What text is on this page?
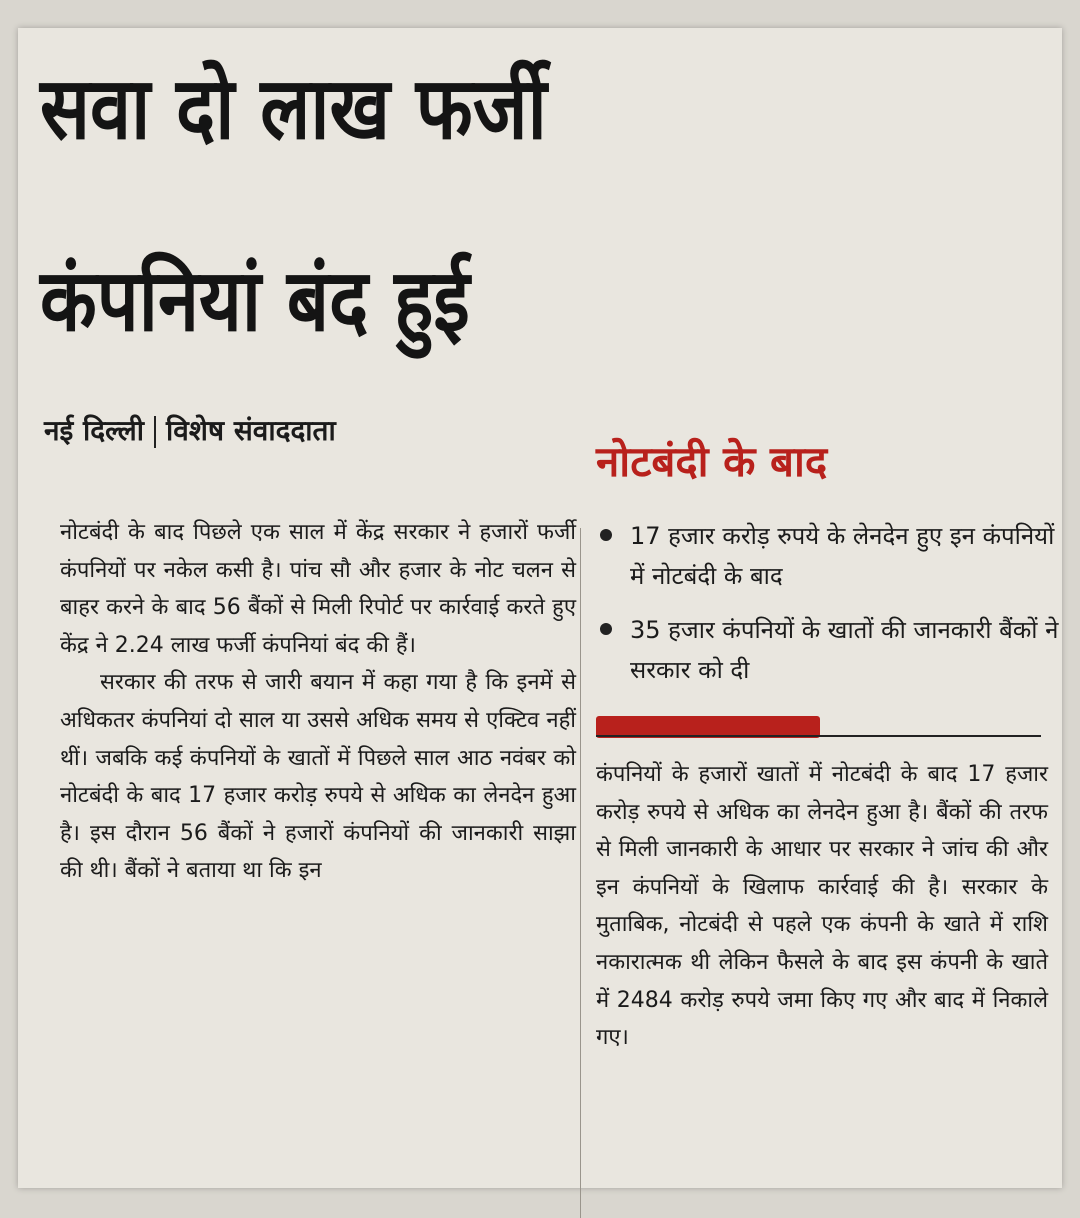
सवा दो लाख फर्जी
कंपनियां बंद हुई
नई दिल्ली विशेष संवाददाता

नोटबंदी के बाद पिछले एक साल में केंद्र सरकार ने हजारों फर्जी कंपनियों पर नकेल कसी है। पांच सौ और हजार के नोट चलन से बाहर करने के बाद 56 बैंकों से मिली रिपोर्ट पर कार्रवाई करते हुए केंद्र ने 2.24 लाख फर्जी कंपनियां बंद की हैं।

सरकार की तरफ से जारी बयान में कहा गया है कि इनमें से अधिकतर कंपनियां दो साल या उससे अधिक समय से एक्टिव नहीं थीं। जबकि कई कंपनियों के खातों में पिछले साल आठ नवंबर को नोटबंदी के बाद 17 हजार करोड़ रुपये से अधिक का लेनदेन हुआ है। इस दौरान 56 बैंकों ने हजारों कंपनियों की जानकारी साझा की थी। बैंकों ने बताया था कि इन

नोटबंदी के बाद
17 हजार करोड़ रुपये के लेनदेन हुए इन कंपनियों में नोटबंदी के बाद
35 हजार कंपनियों के खातों की जानकारी बैंकों ने सरकार को दी

कंपनियों के हजारों खातों में नोटबंदी के बाद 17 हजार करोड़ रुपये से अधिक का लेनदेन हुआ है। बैंकों की तरफ से मिली जानकारी के आधार पर सरकार ने जांच की और इन कंपनियों के खिलाफ कार्रवाई की है। सरकार के मुताबिक, नोटबंदी से पहले एक कंपनी के खाते में राशि नकारात्मक थी लेकिन फैसले के बाद इस कंपनी के खाते में 2484 करोड़ रुपये जमा किए गए और बाद में निकाले गए।
